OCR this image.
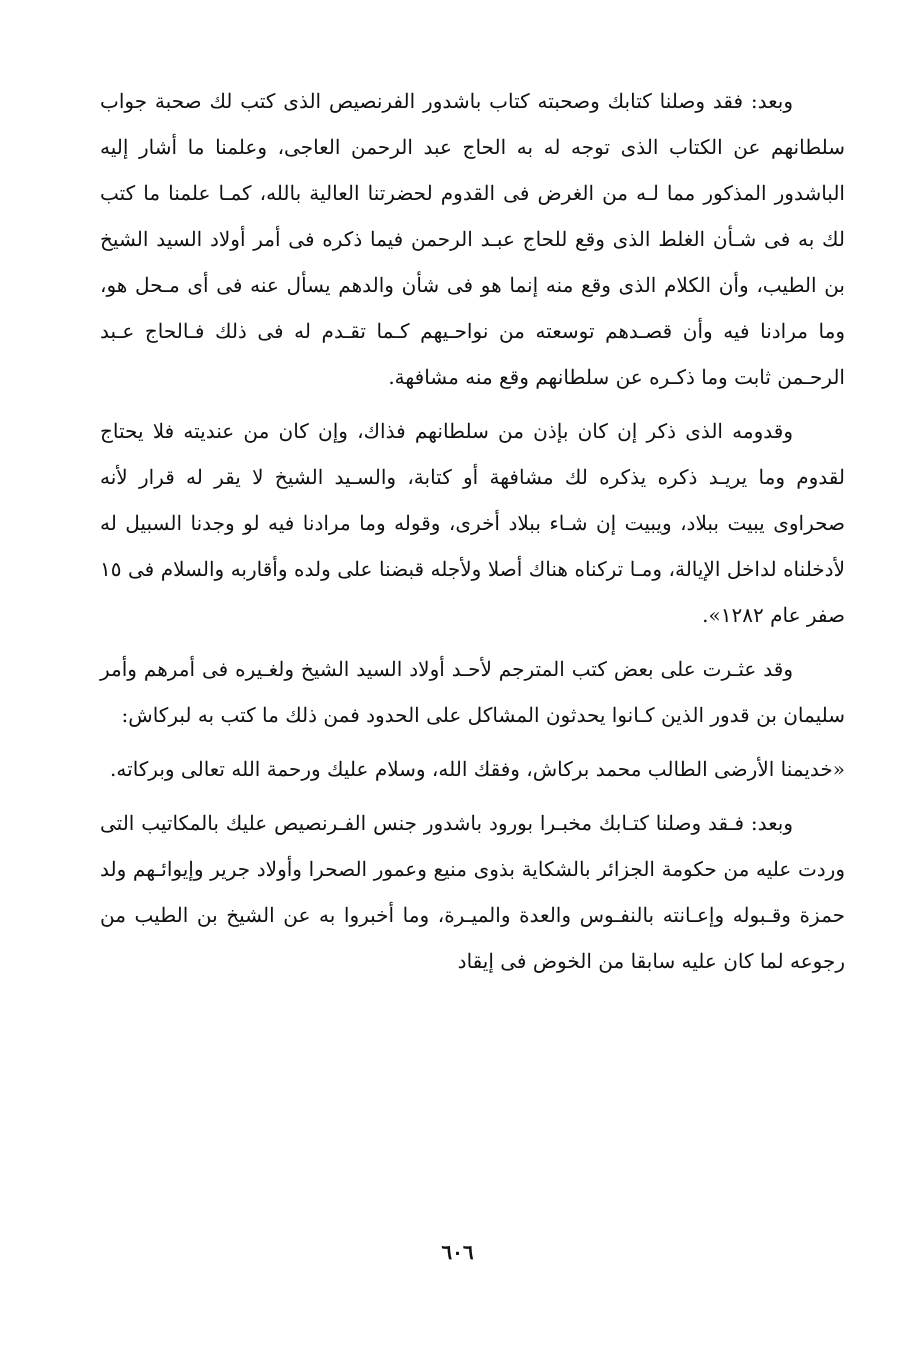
وبعد: فقد وصلنا كتابك وصحبته كتاب باشدور الفرنصيص الذى كتب لك صحبة جواب سلطانهم عن الكتاب الذى توجه له به الحاج عبد الرحمن العاجى، وعلمنا ما أشار إليه الباشدور المذكور مما لـه من الغرض فى القدوم لحضرتنا العالية بالله، كمـا علمنا ما كتب لك به فى شـأن الغلط الذى وقع للحاج عبـد الرحمن فيما ذكره فى أمر أولاد السيد الشيخ بن الطيب، وأن الكلام الذى وقع منه إنما هو فى شأن والدهم يسأل عنه فى أى مـحل هو، وما مرادنا فيه وأن قصـدهم توسعته من نواحـيهم كـما تقـدم له فى ذلك فـالحاج عـبد الرحـمن ثابت وما ذكـره عن سلطانهم وقع منه مشافهة.

وقدومه الذى ذكر إن كان بإذن من سلطانهم فذاك، وإن كان من عنديته فلا يحتاج لقدوم وما يريـد ذكره يذكره لك مشافهة أو كتابة، والسـيد الشيخ لا يقر له قرار لأنه صحراوى يبيت ببلاد، ويبيت إن شـاء ببلاد أخرى، وقوله وما مرادنا فيه لو وجدنا السبيل له لأدخلناه لداخل الإيالة، ومـا تركناه هناك أصلا ولأجله قبضنا على ولده وأقاربه والسلام فى ١٥ صفر عام ١٢٨٢».

وقد عثـرت على بعض كتب المترجم لأحـد أولاد السيد الشيخ ولغـيره فى أمرهم وأمر سليمان بن قدور الذين كـانوا يحدثون المشاكل على الحدود فمن ذلك ما كتب به لبركاش:

«خديمنا الأرضى الطالب محمد بركاش، وفقك الله، وسلام عليك ورحمة الله تعالى وبركاته.

وبعد: فـقد وصلنا كتـابك مخبـرا بورود باشدور جنس الفـرنصيص عليك بالمكاتيب التى وردت عليه من حكومة الجزائر بالشكاية بذوى منيع وعمور الصحرا وأولاد جرير وإيوائـهم ولد حمزة وقـبوله وإعـانته بالنفـوس والعدة والميـرة، وما أخبروا به عن الشيخ بن الطيب من رجوعه لما كان عليه سابقا من الخوض فى إيقاد

٦٠٦
